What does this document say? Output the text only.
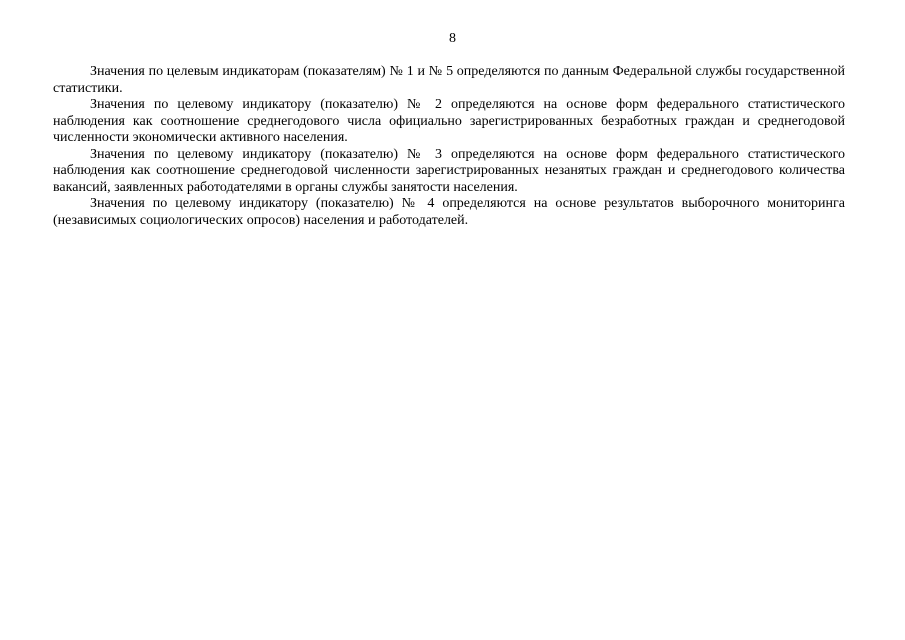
8

Значения по целевым индикаторам (показателям) № 1 и № 5 определяются по данным Федеральной службы государственной статистики.

Значения по целевому индикатору (показателю) № 2 определяются на основе форм федерального статистического наблюдения как соотношение среднегодового числа официально зарегистрированных безработных граждан и среднегодовой численности экономически активного населения.

Значения по целевому индикатору (показателю) № 3 определяются на основе форм федерального статистического наблюдения как соотношение среднегодовой численности зарегистрированных незанятых граждан и среднегодового количества вакансий, заявленных работодателями в органы службы занятости населения.

Значения по целевому индикатору (показателю) № 4 определяются на основе результатов выборочного мониторинга (независимых социологических опросов) населения и работодателей.
